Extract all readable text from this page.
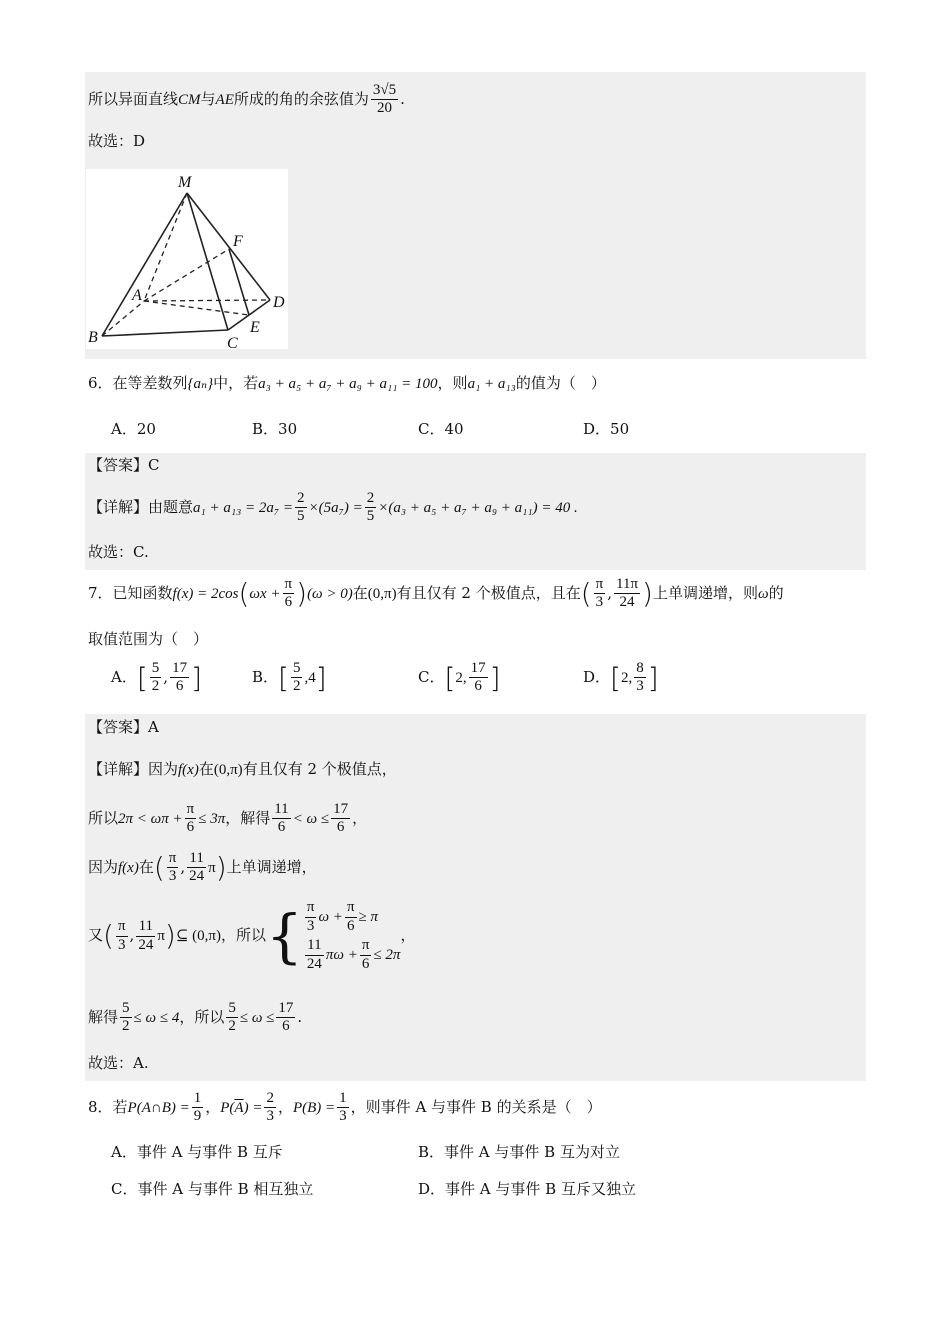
所以异面直线CM与AE所成的角的余弦值为 $\frac{3√5}{20}$ .
故选：D
M
F
A	D
E
B	C
6．在等差数列{aₙ}中，若a₃ + a₅ + a₇ + a₉ + a₁₁ = 100，则a₁ + a₁₃的值为（　）
A．20	B．30	C．40	D．50
【答案】C
【详解】由题意$a_1 + a_{13} = 2a_7 = \frac{2}{5} \times(5a_7) = \frac{2}{5} \times(a_3 + a_5 + a_7 + a_9 + a_{11}) = 40$ .
故选：C.
7．已知函数$f(x) = 2\cos(\omega x + \frac{\pi}{6} )(\omega > 0)$在(0,π)有且仅有 2 个极值点，且在( $\frac{\pi}{3}$ , $\frac{11\pi}{24}$ )上单调递增，则ω的
取值范围为（　）
A．[ $\frac{5}{2}$ , $\frac{17}{6}$ ]	B．[ $\frac{5}{2} ,4$]	C．[2, $\frac{17}{6}$ ]	D．[2, $\frac{8}{3}$ ]
【答案】A
【详解】因为f(x)在(0,π)有且仅有 2 个极值点，
所以$2\pi < \omega\pi + \frac{\pi}{6} \le 3\pi$，解得 $\frac{11}{6} < \omega \le \frac{17}{6}$ ，
因为f(x)在( $\frac{\pi}{3}$ , $\frac{11}{24} \pi$)上单调递增，
又( $\frac{\pi}{3}$ , $\frac{11}{24}$ π)⊆ (0,π)，所以{ $\frac{\pi}{3}$ $\omega + \frac{\pi}{6} \ge \pi$
$\frac{11}{24}$ $\pi\omega + \frac{\pi}{6} \le 2\pi$
，
解得 $\frac{5}{2} \le \omega \le 4$，所以 $\frac{5}{2} \le \omega \le \frac{17}{6}$ .
故选：A.
8．若P(A∩B) = $\frac{1}{9}$ ，$P(\overline{A}) = \frac{2}{3}$ ，$P(B) = \frac{1}{3}$ ，则事件 A 与事件 B 的关系是（　）
A．事件 A 与事件 B 互斥	B．事件 A 与事件 B 互为对立
C．事件 A 与事件 B 相互独立	D．事件 A 与事件 B 互斥又独立
